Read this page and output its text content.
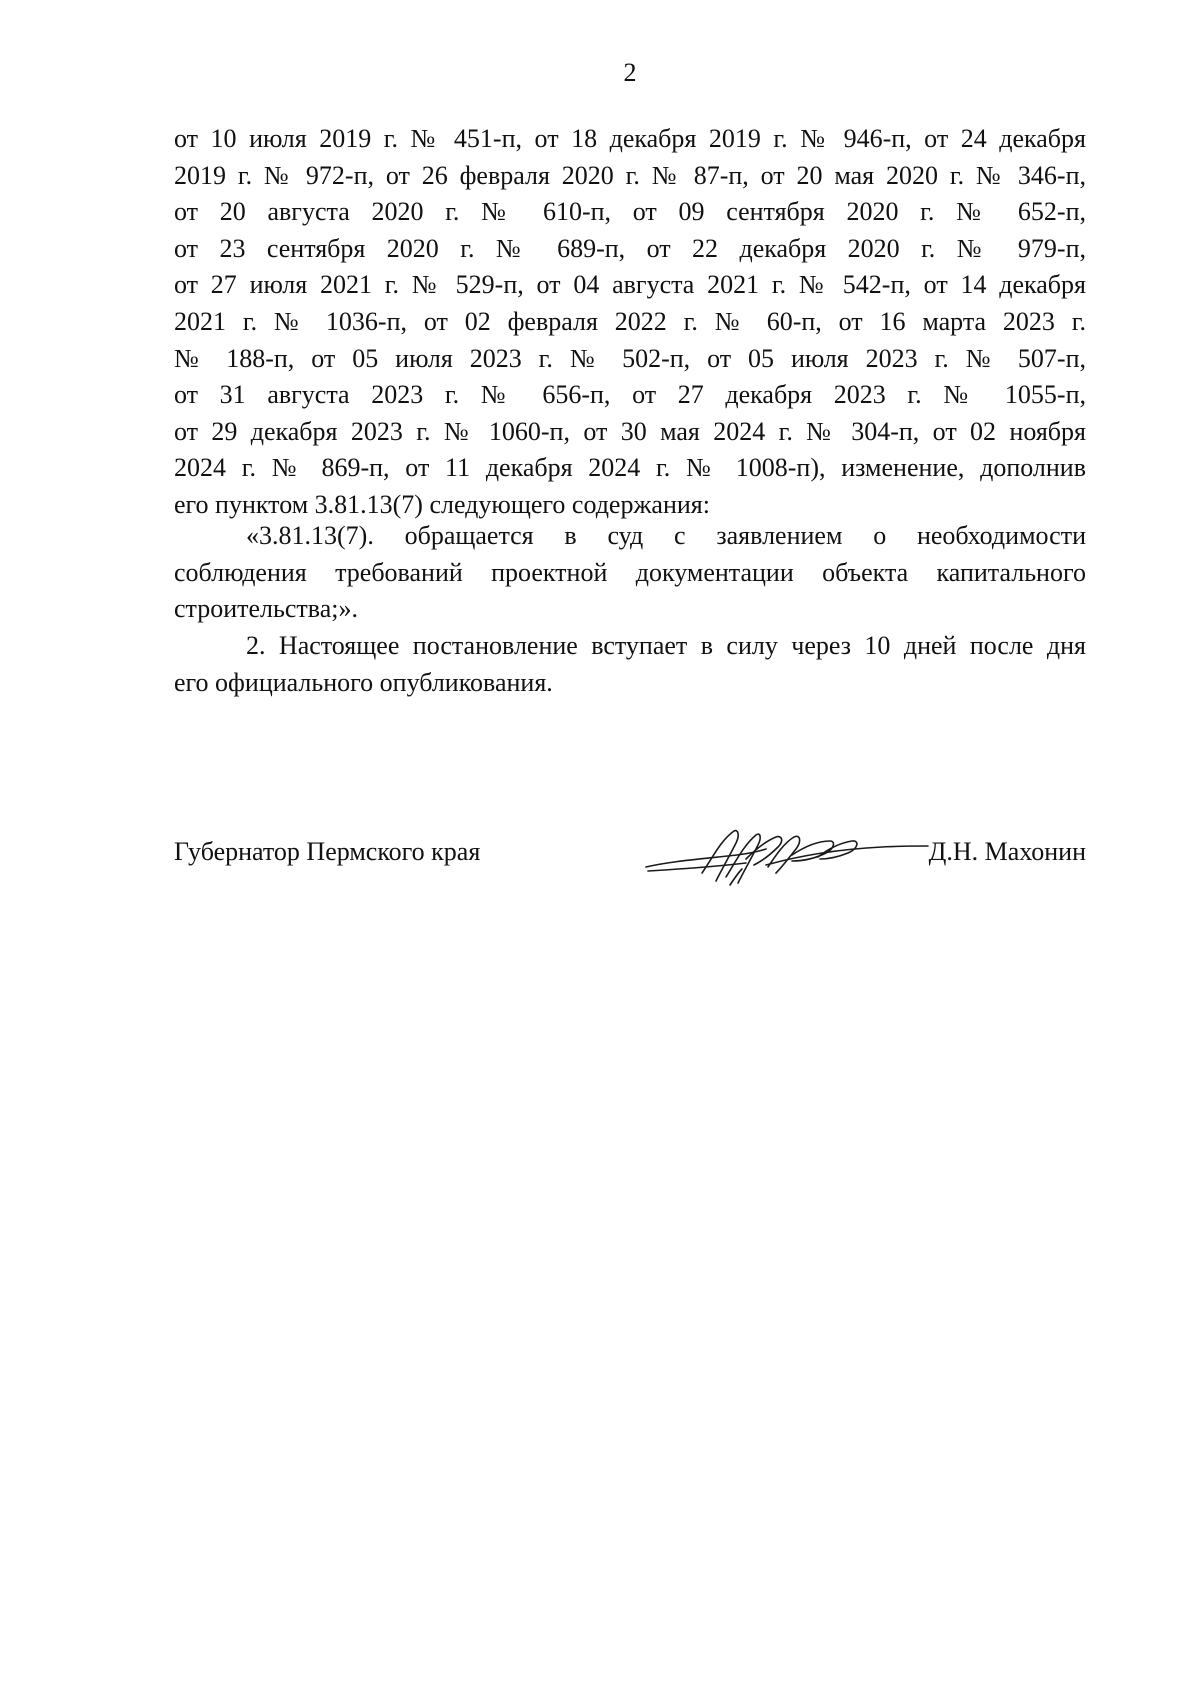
2
от 10 июля 2019 г. № 451-п, от 18 декабря 2019 г. № 946-п, от 24 декабря
2019 г. № 972-п, от 26 февраля 2020 г. № 87-п, от 20 мая 2020 г. № 346-п,
от 20 августа 2020 г. № 610-п, от 09 сентября 2020 г. № 652-п,
от 23 сентября 2020 г. № 689-п, от 22 декабря 2020 г. № 979-п,
от 27 июля 2021 г. № 529-п, от 04 августа 2021 г. № 542-п, от 14 декабря
2021 г. № 1036-п, от 02 февраля 2022 г. № 60-п, от 16 марта 2023 г.
№ 188-п, от 05 июля 2023 г. № 502-п, от 05 июля 2023 г. № 507-п,
от 31 августа 2023 г. № 656-п, от 27 декабря 2023 г. № 1055-п,
от 29 декабря 2023 г. № 1060-п, от 30 мая 2024 г. № 304-п, от 02 ноября
2024 г. № 869-п, от 11 декабря 2024 г. № 1008-п), изменение, дополнив
его пунктом 3.81.13(7) следующего содержания:
«3.81.13(7). обращается в суд с заявлением о необходимости
соблюдения требований проектной документации объекта капитального
строительства;».
2. Настоящее постановление вступает в силу через 10 дней после дня
его официального опубликования.
Губернатор Пермского края	Д.Н. Махонин
